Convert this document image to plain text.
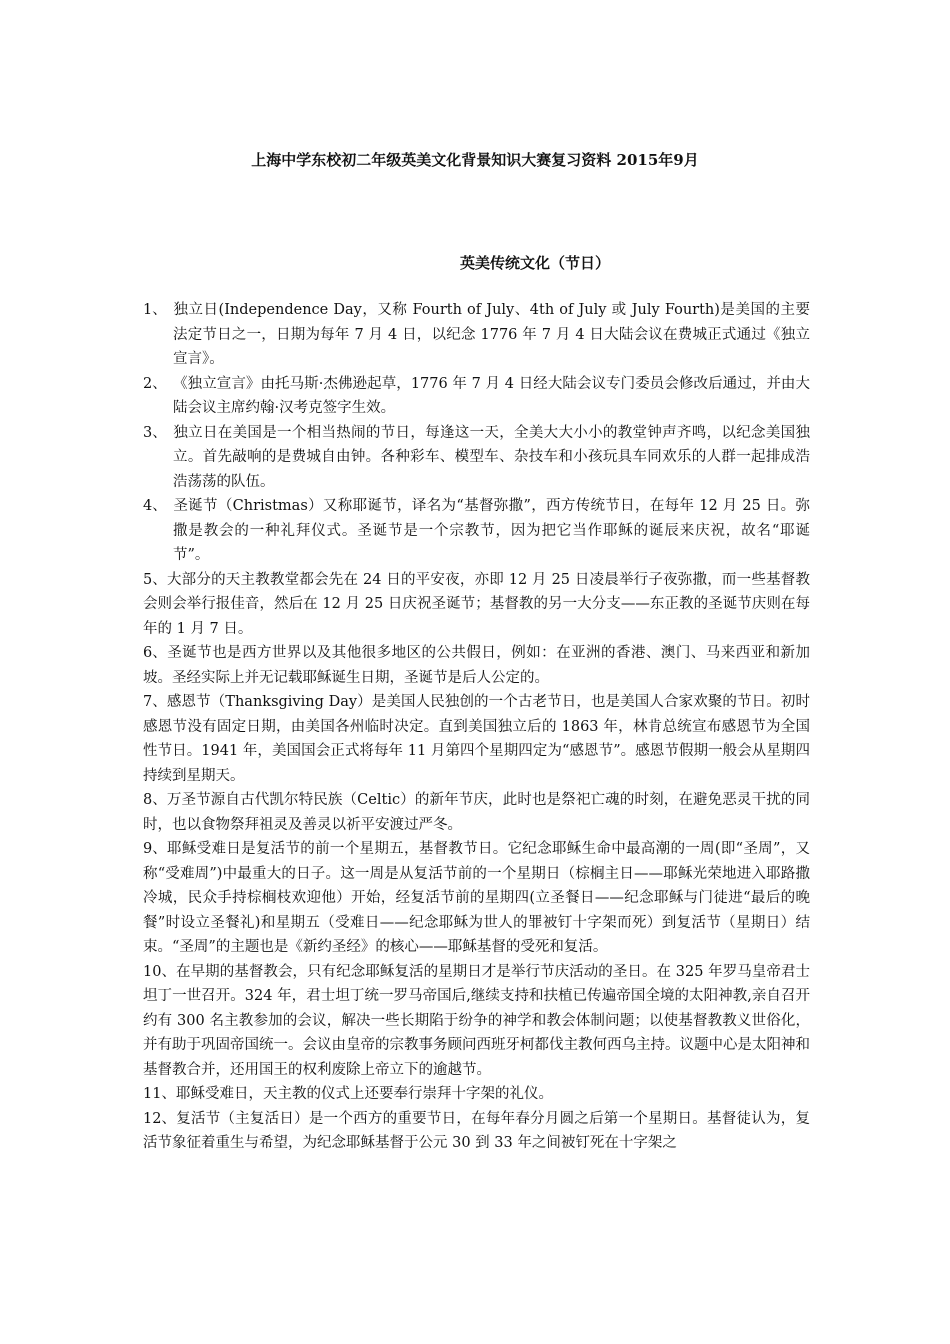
上海中学东校初二年级英美文化背景知识大赛复习资料 2015年9月
英美传统文化（节日）
1、 独立日(Independence Day，又称 Fourth of July、4th of July 或 July Fourth)是美国的主要法定节日之一，日期为每年 7 月 4 日，以纪念 1776 年 7 月 4 日大陆会议在费城正式通过《独立宣言》。
2、 《独立宣言》由托马斯·杰佛逊起草，1776 年 7 月 4 日经大陆会议专门委员会修改后通过，并由大陆会议主席约翰·汉考克签字生效。
3、 独立日在美国是一个相当热闹的节日，每逢这一天，全美大大小小的教堂钟声齐鸣，以纪念美国独立。首先敲响的是费城自由钟。各种彩车、模型车、杂技车和小孩玩具车同欢乐的人群一起排成浩浩荡荡的队伍。
4、 圣诞节（Christmas）又称耶诞节，译名为“基督弥撒”，西方传统节日，在每年 12 月 25 日。弥撒是教会的一种礼拜仪式。圣诞节是一个宗教节，因为把它当作耶稣的诞辰来庆祝，故名“耶诞节”。
5、大部分的天主教教堂都会先在 24 日的平安夜，亦即 12 月 25 日凌晨举行子夜弥撒，而一些基督教会则会举行报佳音，然后在 12 月 25 日庆祝圣诞节；基督教的另一大分支——东正教的圣诞节庆则在每年的 1 月 7 日。
6、圣诞节也是西方世界以及其他很多地区的公共假日，例如：在亚洲的香港、澳门、马来西亚和新加坡。圣经实际上并无记载耶稣诞生日期，圣诞节是后人公定的。
7、感恩节（Thanksgiving Day）是美国人民独创的一个古老节日，也是美国人合家欢聚的节日。初时感恩节没有固定日期，由美国各州临时决定。直到美国独立后的 1863 年，林肯总统宣布感恩节为全国性节日。1941 年，美国国会正式将每年 11 月第四个星期四定为“感恩节”。感恩节假期一般会从星期四持续到星期天。
8、万圣节源自古代凯尔特民族（Celtic）的新年节庆，此时也是祭祀亡魂的时刻，在避免恶灵干扰的同时，也以食物祭拜祖灵及善灵以祈平安渡过严冬。
9、耶稣受难日是复活节的前一个星期五，基督教节日。它纪念耶稣生命中最高潮的一周(即“圣周”，又称“受难周”)中最重大的日子。这一周是从复活节前的一个星期日（棕榈主日——耶稣光荣地进入耶路撒冷城，民众手持棕榈枝欢迎他）开始，经复活节前的星期四(立圣餐日——纪念耶稣与门徒进“最后的晚餐”时设立圣餐礼)和星期五（受难日——纪念耶稣为世人的罪被钉十字架而死）到复活节（星期日）结束。“圣周”的主题也是《新约圣经》的核心——耶稣基督的受死和复活。
10、在早期的基督教会，只有纪念耶稣复活的星期日才是举行节庆活动的圣日。在 325 年罗马皇帝君士坦丁一世召开。324 年，君士坦丁统一罗马帝国后,继续支持和扶植已传遍帝国全境的太阳神教,亲自召开约有 300 名主教参加的会议，解决一些长期陷于纷争的神学和教会体制问题；以使基督教教义世俗化，并有助于巩固帝国统一。会议由皇帝的宗教事务顾问西班牙柯都伐主教何西乌主持。议题中心是太阳神和基督教合并，还用国王的权利废除上帝立下的逾越节。
11、耶稣受难日，天主教的仪式上还要奉行崇拜十字架的礼仪。
12、复活节（主复活日）是一个西方的重要节日，在每年春分月圆之后第一个星期日。基督徒认为，复活节象征着重生与希望，为纪念耶稣基督于公元 30 到 33 年之间被钉死在十字架之
